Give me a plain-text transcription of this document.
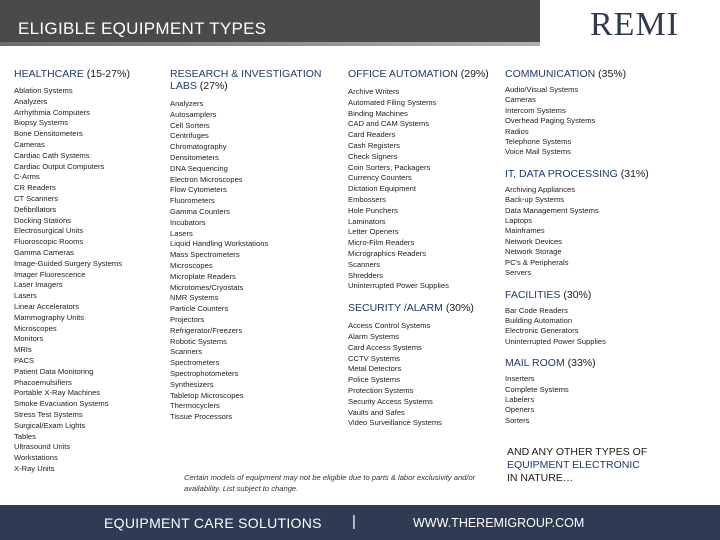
ELIGIBLE EQUIPMENT TYPES	REMI
HEALTHCARE (15-27%)
Ablation Systems
Analyzers
Arrhythmia Computers
Biopsy Systems
Bone Densitometers
Cameras
Cardiac Cath Systems
Cardiac Output Computers
C-Arms
CR Readers
CT Scanners
Defibrillators
Docking Stations
Electrosurgical Units
Fluoroscopic Rooms
Gamma Cameras
Image-Guided Surgery Systems
Imager Fluorescence
Laser Imagers
Lasers
Linear Accelerators
Mammography Units
Microscopes
Monitors
MRIs
PACS
Patient Data Monitoring
Phacoemulsifiers
Portable X-Ray Machines
Smoke Evacuation Systems
Stress Test Systems
Surgical/Exam Lights
Tables
Ultrasound Units
Workstations
X-Ray Units
RESEARCH & INVESTIGATION LABS (27%)
Analyzers
Autosamplers
Cell Sorters
Centrifuges
Chromatography
Densitometers
DNA Sequencing
Electron Microscopes
Flow Cytometers
Fluorometers
Gamma Counters
Incubators
Lasers
Liquid Handling Workstations
Mass Spectrometers
Microscopes
Microplate Readers
Microtomes/Cryostats
NMR Systems
Particle Counters
Projectors
Refrigerator/Freezers
Robotic Systems
Scanners
Spectrometers
Spectrophotometers
Synthesizers
Tabletop Microscopes
Thermocyclers
Tissue Processors
OFFICE AUTOMATION (29%)
Archive Writers
Automated Filing Systems
Binding Machines
CAD and CAM Systems
Card Readers
Cash Registers
Check Signers
Coin Sorters, Packagers
Currency Counters
Dictation Equipment
Embossers
Hole Punchers
Laminators
Letter Openers
Micro-Film Readers
Micrographics Readers
Scanners
Shredders
Uninterrupted Power Supplies
SECURITY /ALARM (30%)
Access Control Systems
Alarm Systems
Card Access Systems
CCTV Systems
Metal Detectors
Police Systems
Protection Systems
Security Access Systems
Vaults and Safes
Video Surveillance Systems
COMMUNICATION (35%)
Audio/Visual Systems
Cameras
Intercom Systems
Overhead Paging Systems
Radios
Telephone Systems
Voice Mail Systems
IT, DATA PROCESSING (31%)
Archiving Appliances
Back-up Systems
Data Management Systems
Laptops
Mainframes
Network Devices
Network Storage
PC's & Peripherals
Servers
FACILITIES (30%)
Bar Code Readers
Building Automation
Electronic Generators
Uninterrupted Power Supplies
MAIL ROOM (33%)
Inserters
Complete Systems
Labelers
Openers
Sorters
AND ANY OTHER TYPES OF
EQUIPMENT ELECTRONIC
IN NATURE…
Certain models of equipment may not be eligible due to parts & labor exclusivity and/or availability. List subject to change.
EQUIPMENT CARE SOLUTIONS |	WWW.THEREMIGROUP.COM
